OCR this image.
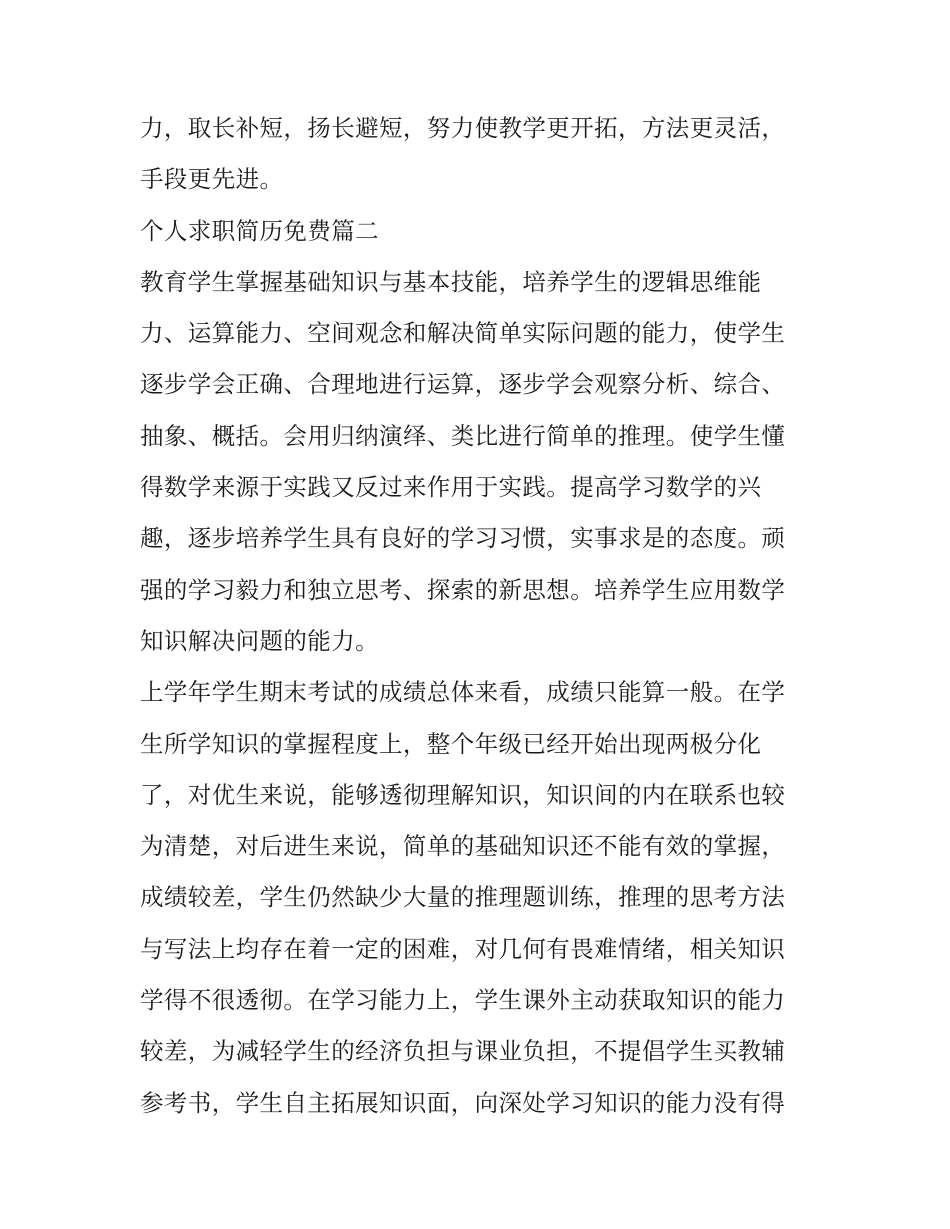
力，取长补短，扬长避短，努力使教学更开拓，方法更灵活，
手段更先进。
个人求职简历免费篇二
教育学生掌握基础知识与基本技能，培养学生的逻辑思维能
力、运算能力、空间观念和解决简单实际问题的能力，使学生
逐步学会正确、合理地进行运算，逐步学会观察分析、综合、
抽象、概括。会用归纳演绎、类比进行简单的推理。使学生懂
得数学来源于实践又反过来作用于实践。提高学习数学的兴
趣，逐步培养学生具有良好的学习习惯，实事求是的态度。顽
强的学习毅力和独立思考、探索的新思想。培养学生应用数学
知识解决问题的能力。
上学年学生期末考试的成绩总体来看，成绩只能算一般。在学
生所学知识的掌握程度上，整个年级已经开始出现两极分化
了，对优生来说，能够透彻理解知识，知识间的内在联系也较
为清楚，对后进生来说，简单的基础知识还不能有效的掌握，
成绩较差，学生仍然缺少大量的推理题训练，推理的思考方法
与写法上均存在着一定的困难，对几何有畏难情绪，相关知识
学得不很透彻。在学习能力上，学生课外主动获取知识的能力
较差，为减轻学生的经济负担与课业负担，不提倡学生买教辅
参考书，学生自主拓展知识面，向深处学习知识的能力没有得
